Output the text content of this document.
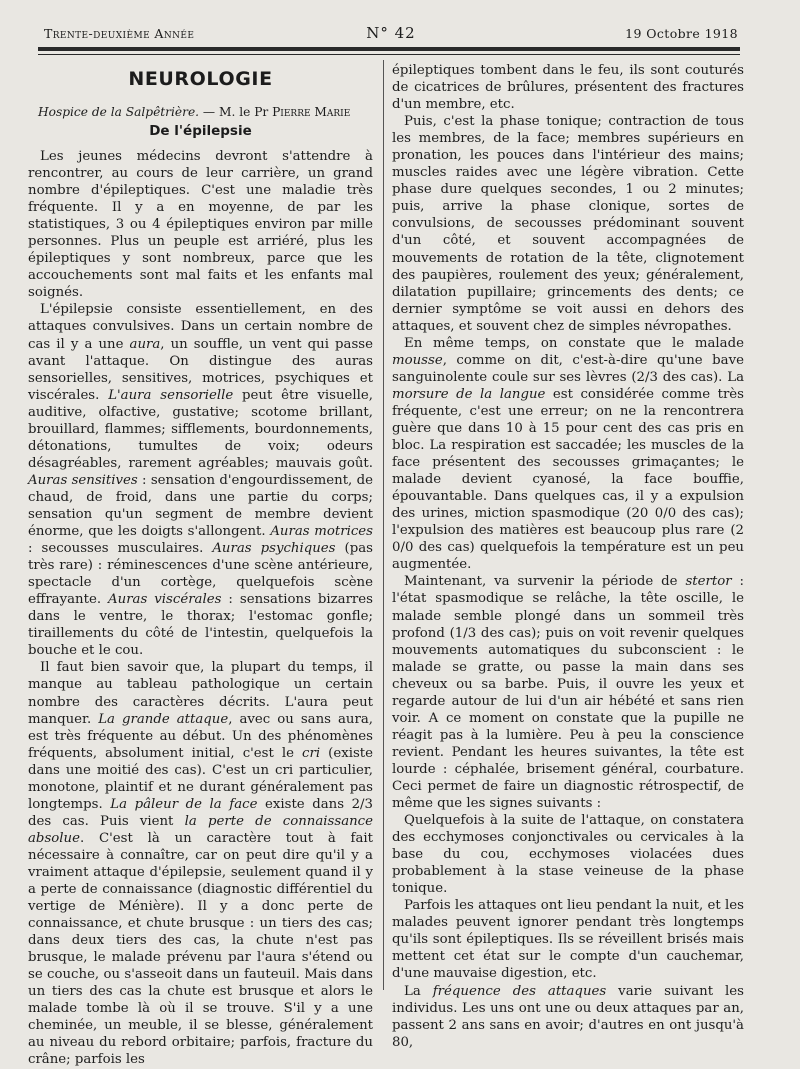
Trente-deuxième Année	N° 42	19 Octobre 1918
NEUROLOGIE
Hospice de la Salpêtrière. — M. le Pr Pierre Marie
De l'épilepsie

Les jeunes médecins devront s'attendre à rencontrer, au cours de leur carrière, un grand nombre d'épileptiques. C'est une maladie très fréquente. Il y a en moyenne, de par les statistiques, 3 ou 4 épileptiques environ par mille personnes. Plus un peuple est arriéré, plus les épileptiques y sont nombreux, parce que les accouchements sont mal faits et les enfants mal soignés.

L'épilepsie consiste essentiellement, en des attaques convulsives. Dans un certain nombre de cas il y a une aura, un souffle, un vent qui passe avant l'attaque. On distingue des auras sensorielles, sensitives, motrices, psychiques et viscérales. L'aura sensorielle peut être visuelle, auditive, olfactive, gustative; scotome brillant, brouillard, flammes; sifflements, bourdonnements, détonations, tumultes de voix; odeurs désagréables, rarement agréables; mauvais goût. Auras sensitives : sensation d'engourdissement, de chaud, de froid, dans une partie du corps; sensation qu'un segment de membre devient énorme, que les doigts s'allongent. Auras motrices : secousses musculaires. Auras psychiques (pas très rare) : réminescences d'une scène antérieure, spectacle d'un cortège, quelquefois scène effrayante. Auras viscérales : sensations bizarres dans le ventre, le thorax; l'estomac gonfle; tiraillements du côté de l'intestin, quelquefois la bouche et le cou.

Il faut bien savoir que, la plupart du temps, il manque au tableau pathologique un certain nombre des caractères décrits. L'aura peut manquer. La grande attaque, avec ou sans aura, est très fréquente au début. Un des phénomènes fréquents, absolument initial, c'est le cri (existe dans une moitié des cas). C'est un cri particulier, monotone, plaintif et ne durant généralement pas longtemps. La pâleur de la face existe dans 2/3 des cas. Puis vient la perte de connaissance absolue. C'est là un caractère tout à fait nécessaire à connaître, car on peut dire qu'il y a vraiment attaque d'épilepsie, seulement quand il y a perte de connaissance (diagnostic différentiel du vertige de Ménière). Il y a donc perte de connaissance, et chute brusque : un tiers des cas; dans deux tiers des cas, la chute n'est pas brusque, le malade prévenu par l'aura s'étend ou se couche, ou s'asseoit dans un fauteuil. Mais dans un tiers des cas la chute est brusque et alors le malade tombe là où il se trouve. S'il y a une cheminée, un meuble, il se blesse, généralement au niveau du rebord orbitaire; parfois, fracture du crâne; parfois les

épileptiques tombent dans le feu, ils sont couturés de cicatrices de brûlures, présentent des fractures d'un membre, etc.

Puis, c'est la phase tonique; contraction de tous les membres, de la face; membres supérieurs en pronation, les pouces dans l'intérieur des mains; muscles raides avec une légère vibration. Cette phase dure quelques secondes, 1 ou 2 minutes; puis, arrive la phase clonique, sortes de convulsions, de secousses prédominant souvent d'un côté, et souvent accompagnées de mouvements de rotation de la tête, clignotement des paupières, roulement des yeux; généralement, dilatation pupillaire; grincements des dents; ce dernier symptôme se voit aussi en dehors des attaques, et souvent chez de simples névropathes.

En même temps, on constate que le malade mousse, comme on dit, c'est-à-dire qu'une bave sanguinolente coule sur ses lèvres (2/3 des cas). La morsure de la langue est considérée comme très fréquente, c'est une erreur; on ne la rencontrera guère que dans 10 à 15 pour cent des cas pris en bloc. La respiration est saccadée; les muscles de la face présentent des secousses grimaçantes; le malade devient cyanosé, la face bouffie, épouvantable. Dans quelques cas, il y a expulsion des urines, miction spasmodique (20 0/0 des cas); l'expulsion des matières est beaucoup plus rare (2 0/0 des cas) quelquefois la température est un peu augmentée.

Maintenant, va survenir la période de stertor : l'état spasmodique se relâche, la tête oscille, le malade semble plongé dans un sommeil très profond (1/3 des cas); puis on voit revenir quelques mouvements automatiques du subconscient : le malade se gratte, ou passe la main dans ses cheveux ou sa barbe. Puis, il ouvre les yeux et regarde autour de lui d'un air hébété et sans rien voir. A ce moment on constate que la pupille ne réagit pas à la lumière. Peu à peu la conscience revient. Pendant les heures suivantes, la tête est lourde : céphalée, brisement général, courbature. Ceci permet de faire un diagnostic rétrospectif, de même que les signes suivants :

Quelquefois à la suite de l'attaque, on constatera des ecchymoses conjonctivales ou cervicales à la base du cou, ecchymoses violacées dues probablement à la stase veineuse de la phase tonique.

Parfois les attaques ont lieu pendant la nuit, et les malades peuvent ignorer pendant très longtemps qu'ils sont épileptiques. Ils se réveillent brisés mais mettent cet état sur le compte d'un cauchemar, d'une mauvaise digestion, etc.

La fréquence des attaques varie suivant les individus. Les uns ont une ou deux attaques par an, passent 2 ans sans en avoir; d'autres en ont jusqu'à 80,
